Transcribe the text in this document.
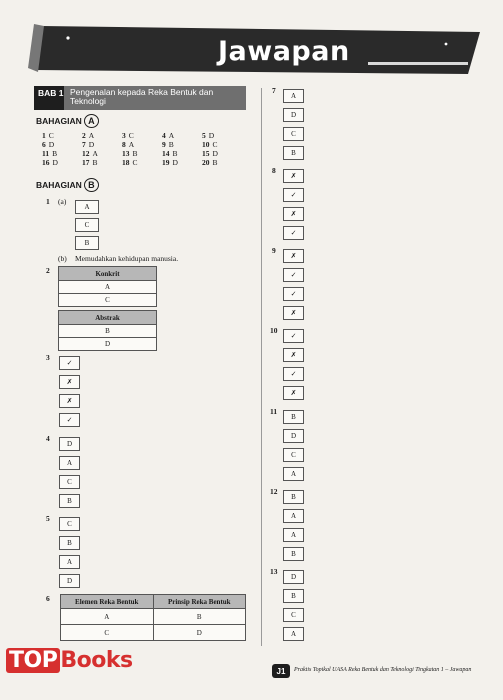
Jawapan
BAB 1 Pengenalan kepada Reka Bentuk dan Teknologi
BAHAGIAN A
1 C	2 A	3 C	4 A	5 D
6 D	7 D	8 A	9 B	10 C
11 B	12 A	13 B	14 B	15 D
16 D	17 B	18 C	19 D	20 B
BAHAGIAN B
1 (a)
A
C
B
(b) Memudahkan kehidupan manusia.
2	Konkrit
A
C
Abstrak
B
D
3
✓
✗
✗
✓
4
D
A
C
B
5
C
B
A
D
6	Elemen Reka Bentuk	Prinsip Reka Bentuk
A	B
C	D
7
A
D
C
B
8
✗
✓
✗
✓
9
✗
✓
✓
✗
10
✓
✗
✓
✗
11
B
D
C
A
12
B
A
A
B
13
D
B
C
A
TOP Books	J1	Praktis Topikal UASA Reka Bentuk dan Teknologi Tingkatan 1 – Jawapan
